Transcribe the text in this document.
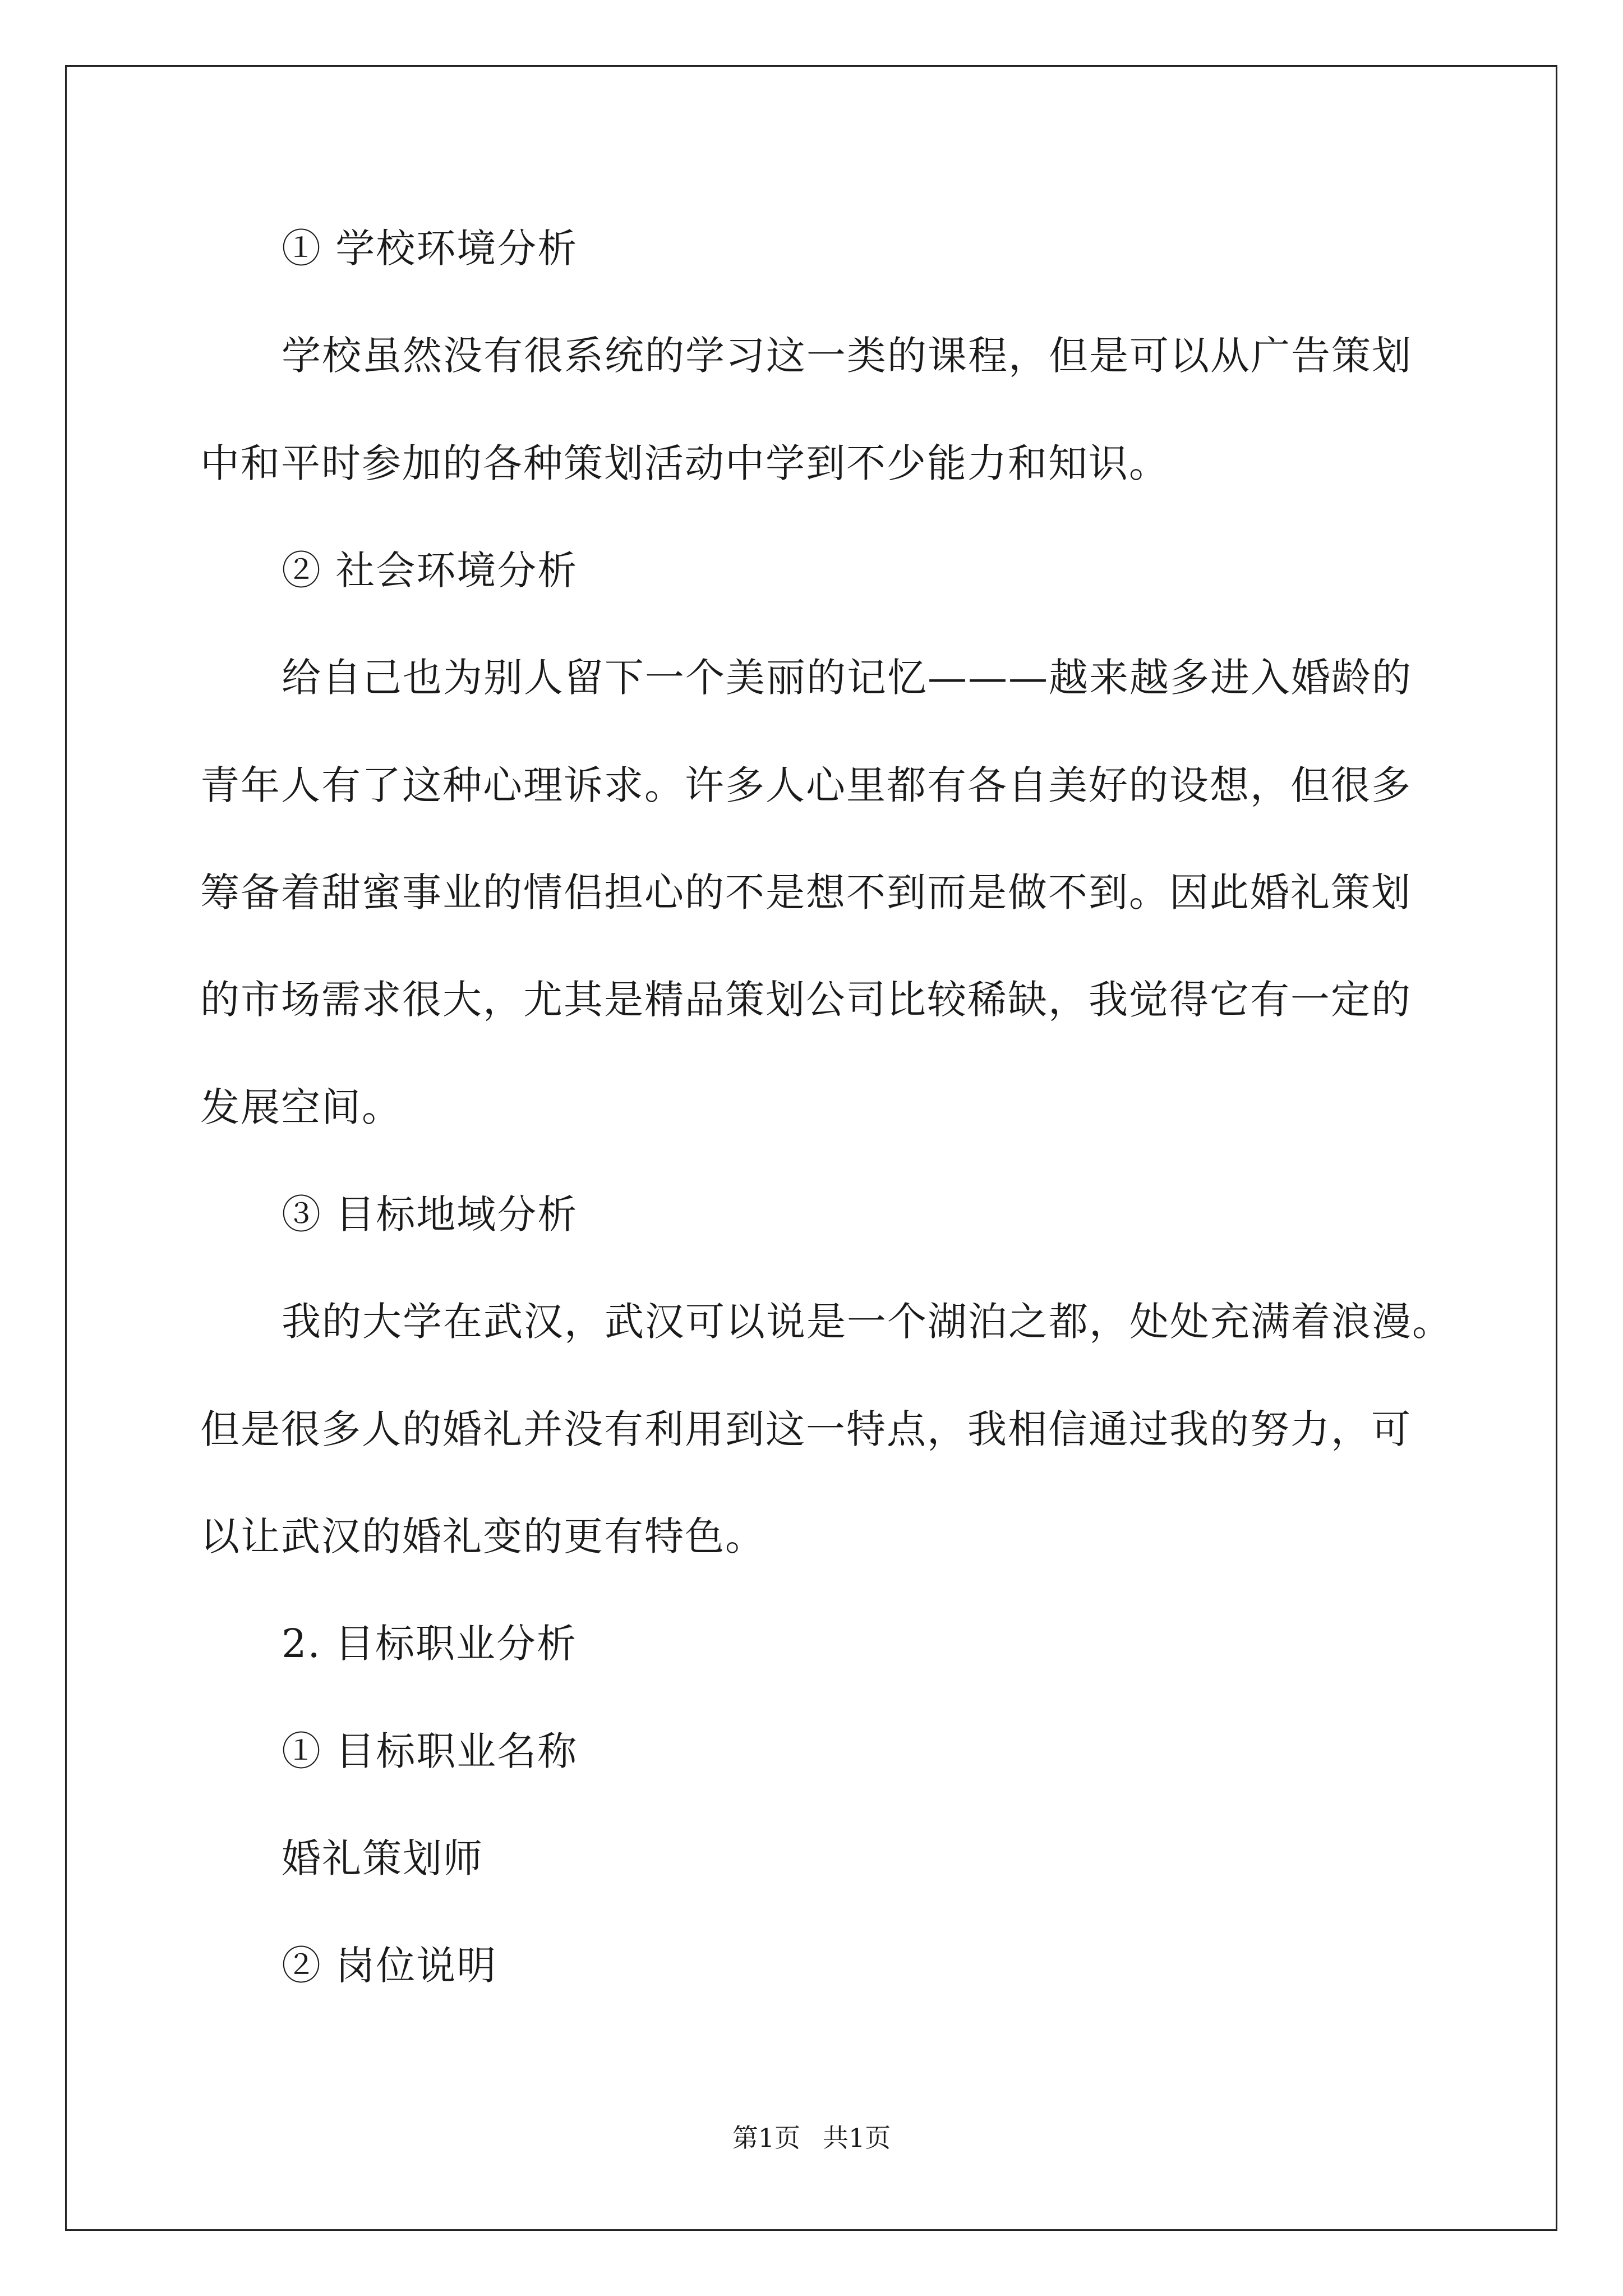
① 学校环境分析
学校虽然没有很系统的学习这一类的课程，但是可以从广告策划
中和平时参加的各种策划活动中学到不少能力和知识。
② 社会环境分析
给自己也为别人留下一个美丽的记忆———越来越多进入婚龄的
青年人有了这种心理诉求。许多人心里都有各自美好的设想，但很多
筹备着甜蜜事业的情侣担心的不是想不到而是做不到。因此婚礼策划
的市场需求很大，尤其是精品策划公司比较稀缺，我觉得它有一定的
发展空间。
③ 目标地域分析
我的大学在武汉，武汉可以说是一个湖泊之都，处处充满着浪漫。
但是很多人的婚礼并没有利用到这一特点，我相信通过我的努力，可
以让武汉的婚礼变的更有特色。
2. 目标职业分析
① 目标职业名称
婚礼策划师
② 岗位说明
第1页 共1页
